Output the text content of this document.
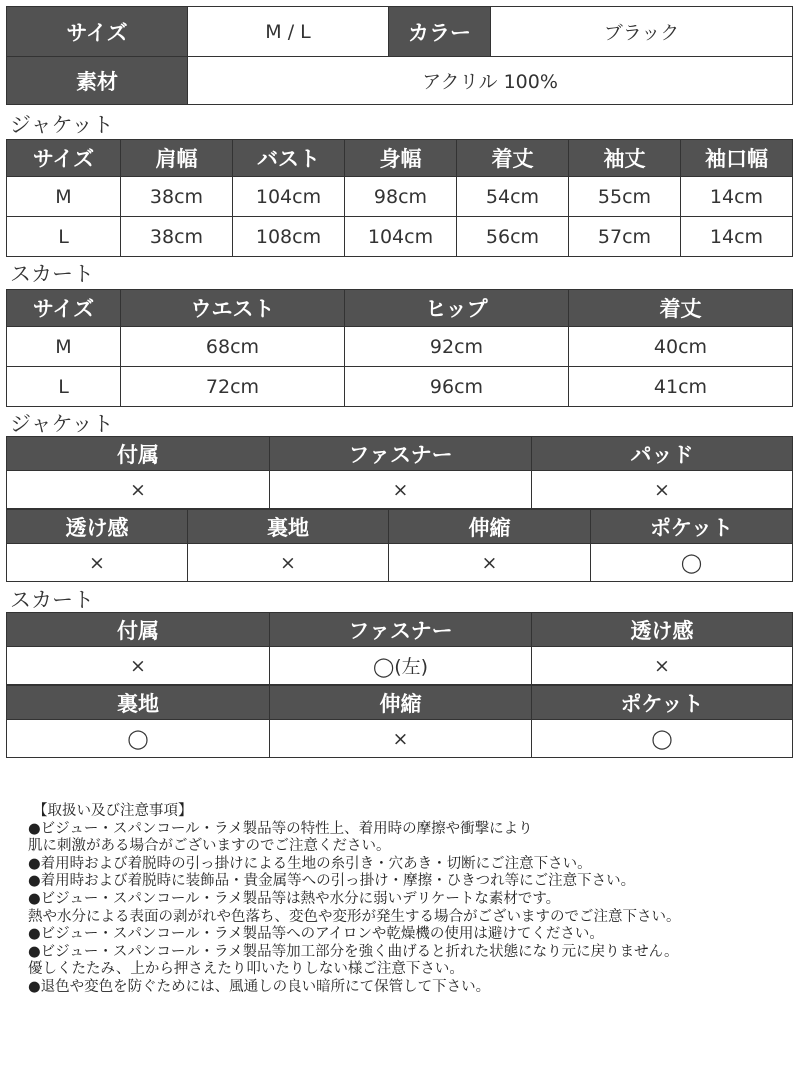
サイズ	M / L	カラー	ブラック
素材	アクリル 100%		
ジャケット
サイズ	肩幅	バスト	身幅	着丈	袖丈	袖口幅
M	38cm	104cm	98cm	54cm	55cm	14cm
L	38cm	108cm	104cm	56cm	57cm	14cm
スカート
サイズ	ウエスト	ヒップ	着丈
M	68cm	92cm	40cm
L	72cm	96cm	41cm
ジャケット
付属	ファスナー	パッド
×	×	×
透け感	裏地	伸縮	ポケット
×	×	×	◯
スカート
付属	ファスナー	透け感
×	◯(左)	×
裏地	伸縮	ポケット
◯	×	◯
【取扱い及び注意事項】
●ビジュー・スパンコール・ラメ製品等の特性上、着用時の摩擦や衝撃により
肌に刺激がある場合がございますのでご注意ください。
●着用時および着脱時の引っ掛けによる生地の糸引き・穴あき・切断にご注意下さい。
●着用時および着脱時に装飾品・貴金属等への引っ掛け・摩擦・ひきつれ等にご注意下さい。
●ビジュー・スパンコール・ラメ製品等は熱や水分に弱いデリケートな素材です。
熱や水分による表面の剥がれや色落ち、変色や変形が発生する場合がございますのでご注意下さい。
●ビジュー・スパンコール・ラメ製品等へのアイロンや乾燥機の使用は避けてください。
●ビジュー・スパンコール・ラメ製品等加工部分を強く曲げると折れた状態になり元に戻りません。
優しくたたみ、上から押さえたり叩いたりしない様ご注意下さい。
●退色や変色を防ぐためには、風通しの良い暗所にて保管して下さい。
